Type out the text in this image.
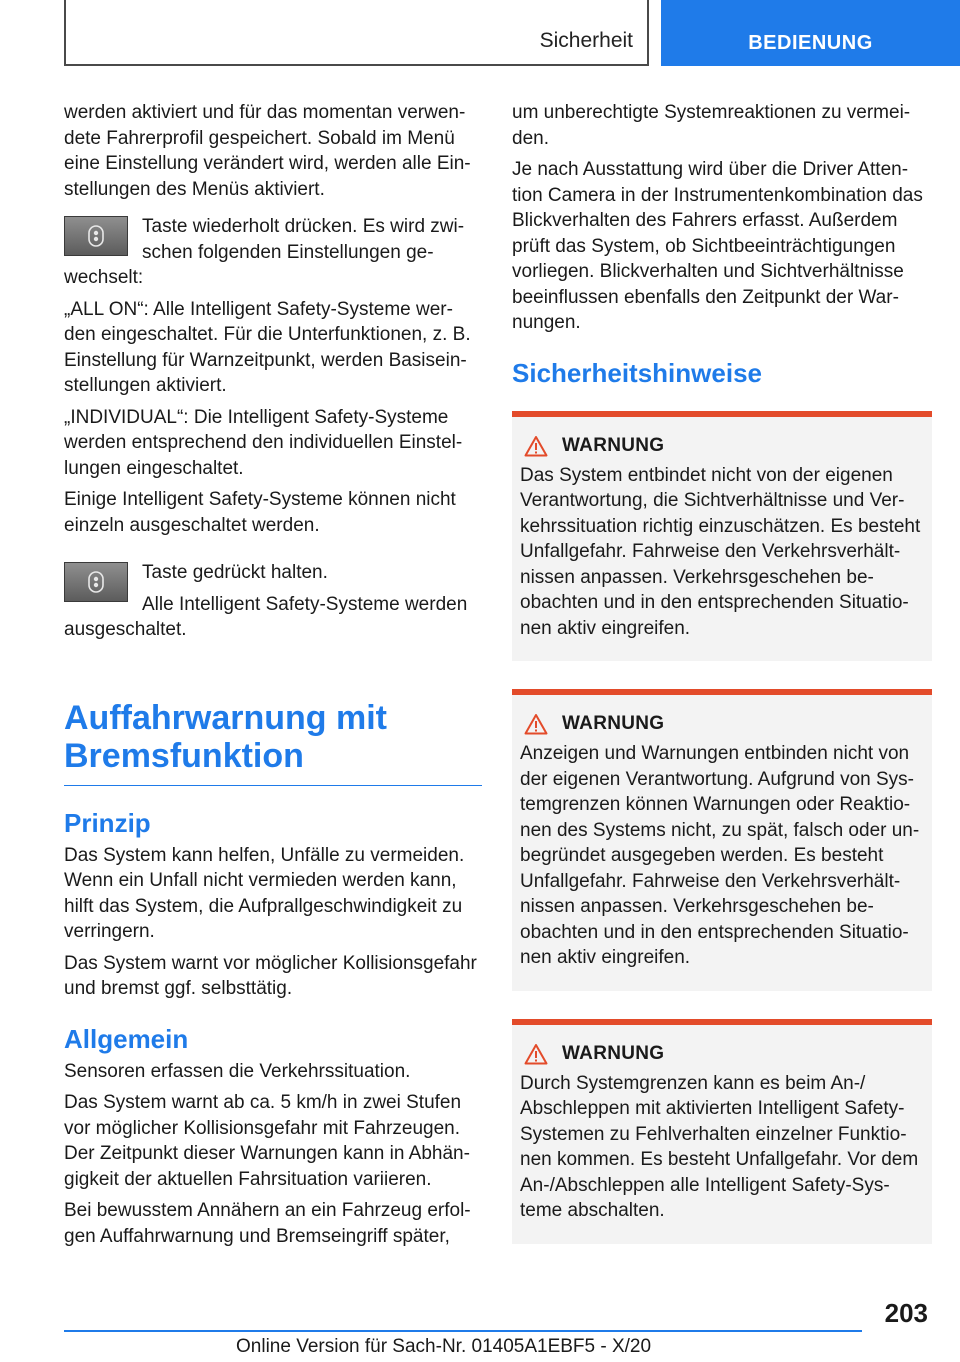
Sicherheit	BEDIENUNG

werden aktiviert und für das momentan verwen-dete Fahrerprofil gespeichert. Sobald im Menü eine Einstellung verändert wird, werden alle Ein-stellungen des Menüs aktiviert.

Taste wiederholt drücken. Es wird zwi-schen folgenden Einstellungen ge-wechselt:

„ALL ON“: Alle Intelligent Safety-Systeme wer-den eingeschaltet. Für die Unterfunktionen, z. B. Einstellung für Warnzeitpunkt, werden Basisein-stellungen aktiviert.

„INDIVIDUAL“: Die Intelligent Safety-Systeme werden entsprechend den individuellen Einstel-lungen eingeschaltet.

Einige Intelligent Safety-Systeme können nicht einzeln ausgeschaltet werden.

Taste gedrückt halten.

Alle Intelligent Safety-Systeme werden ausgeschaltet.

Auffahrwarnung mit Bremsfunktion
Prinzip

Das System kann helfen, Unfälle zu vermeiden. Wenn ein Unfall nicht vermieden werden kann, hilft das System, die Aufprallgeschwindigkeit zu verringern.

Das System warnt vor möglicher Kollisionsgefahr und bremst ggf. selbsttätig.

Allgemein

Sensoren erfassen die Verkehrssituation.

Das System warnt ab ca. 5 km/h in zwei Stufen vor möglicher Kollisionsgefahr mit Fahrzeugen. Der Zeitpunkt dieser Warnungen kann in Abhän-gigkeit der aktuellen Fahrsituation variieren.

Bei bewusstem Annähern an ein Fahrzeug erfol-gen Auffahrwarnung und Bremseingriff später,

um unberechtigte Systemreaktionen zu vermei-den.

Je nach Ausstattung wird über die Driver Atten-tion Camera in der Instrumentenkombination das Blickverhalten des Fahrers erfasst. Außerdem prüft das System, ob Sichtbeeinträchtigungen vorliegen. Blickverhalten und Sichtverhältnisse beeinflussen ebenfalls den Zeitpunkt der War-nungen.

Sicherheitshinweise
WARNUNG

Das System entbindet nicht von der eigenen Verantwortung, die Sichtverhältnisse und Ver-kehrssituation richtig einzuschätzen. Es besteht Unfallgefahr. Fahrweise den Verkehrsverhält-nissen anpassen. Verkehrsgeschehen be-obachten und in den entsprechenden Situatio-nen aktiv eingreifen.

WARNUNG

Anzeigen und Warnungen entbinden nicht von der eigenen Verantwortung. Aufgrund von Sys-temgrenzen können Warnungen oder Reaktio-nen des Systems nicht, zu spät, falsch oder un-begründet ausgegeben werden. Es besteht Unfallgefahr. Fahrweise den Verkehrsverhält-nissen anpassen. Verkehrsgeschehen be-obachten und in den entsprechenden Situatio-nen aktiv eingreifen.

WARNUNG

Durch Systemgrenzen kann es beim An-/ Abschleppen mit aktivierten Intelligent Safety-Systemen zu Fehlverhalten einzelner Funktio-nen kommen. Es besteht Unfallgefahr. Vor dem An-/Abschleppen alle Intelligent Safety-Sys-teme abschalten.

203
Online Version für Sach-Nr. 01405A1EBF5 - X/20
